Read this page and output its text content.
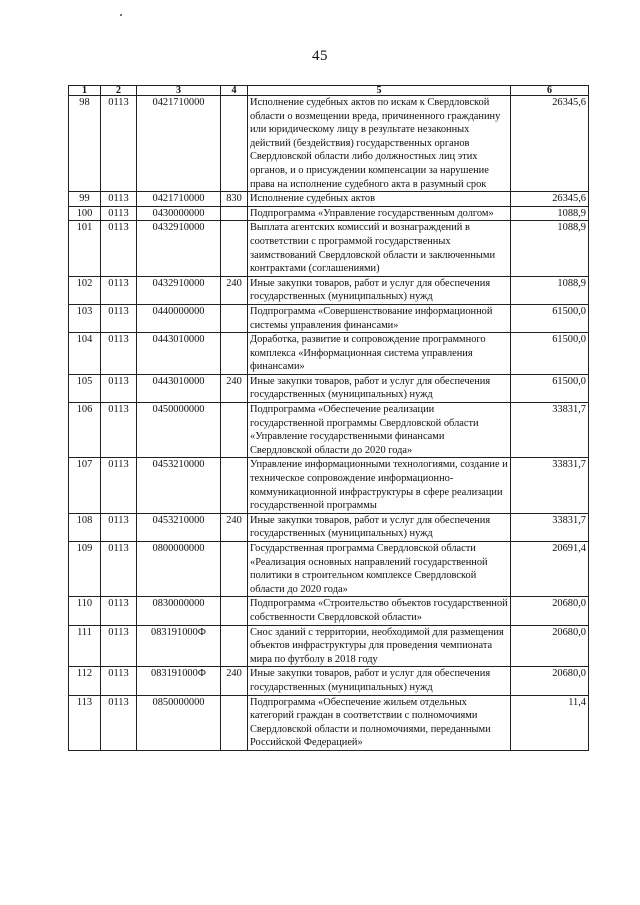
45
1	2	3	4	5	6
98	0113	0421710000		Исполнение судебных актов по искам к Свердловской области о возмещении вреда, причиненного гражданину или юридическому лицу в результате незаконных действий (бездействия) государственных органов Свердловской области либо должностных лиц этих органов, и о присуждении компенсации за нарушение права на исполнение судебного акта в разумный срок	26345,6
99	0113	0421710000	830	Исполнение судебных актов	26345,6
100	0113	0430000000		Подпрограмма «Управление государственным долгом»	1088,9
101	0113	0432910000		Выплата агентских комиссий и вознаграждений в соответствии с программой государственных заимствований Свердловской области и заключенными контрактами (соглашениями)	1088,9
102	0113	0432910000	240	Иные закупки товаров, работ и услуг для обеспечения государственных (муниципальных) нужд	1088,9
103	0113	0440000000		Подпрограмма «Совершенствование информационной системы управления финансами»	61500,0
104	0113	0443010000		Доработка, развитие и сопровождение программного комплекса «Информационная система управления финансами»	61500,0
105	0113	0443010000	240	Иные закупки товаров, работ и услуг для обеспечения государственных (муниципальных) нужд	61500,0
106	0113	0450000000		Подпрограмма «Обеспечение реализации государственной программы Свердловской области «Управление государственными финансами Свердловской области до 2020 года»	33831,7
107	0113	0453210000		Управление информационными технологиями, создание и техническое сопровождение информационно-коммуникационной инфраструктуры в сфере реализации государственной программы	33831,7
108	0113	0453210000	240	Иные закупки товаров, работ и услуг для обеспечения государственных (муниципальных) нужд	33831,7
109	0113	0800000000		Государственная программа Свердловской области «Реализация основных направлений государственной политики в строительном комплексе Свердловской области до 2020 года»	20691,4
110	0113	0830000000		Подпрограмма «Строительство объектов государственной собственности Свердловской области»	20680,0
111	0113	083191000Ф		Снос зданий с территории, необходимой для размещения объектов инфраструктуры для проведения чемпионата мира по футболу в 2018 году	20680,0
112	0113	083191000Ф	240	Иные закупки товаров, работ и услуг для обеспечения государственных (муниципальных) нужд	20680,0
113	0113	0850000000		Подпрограмма «Обеспечение жильем отдельных категорий граждан в соответствии с полномочиями Свердловской области и полномочиями, переданными Российской Федерацией»	11,4
